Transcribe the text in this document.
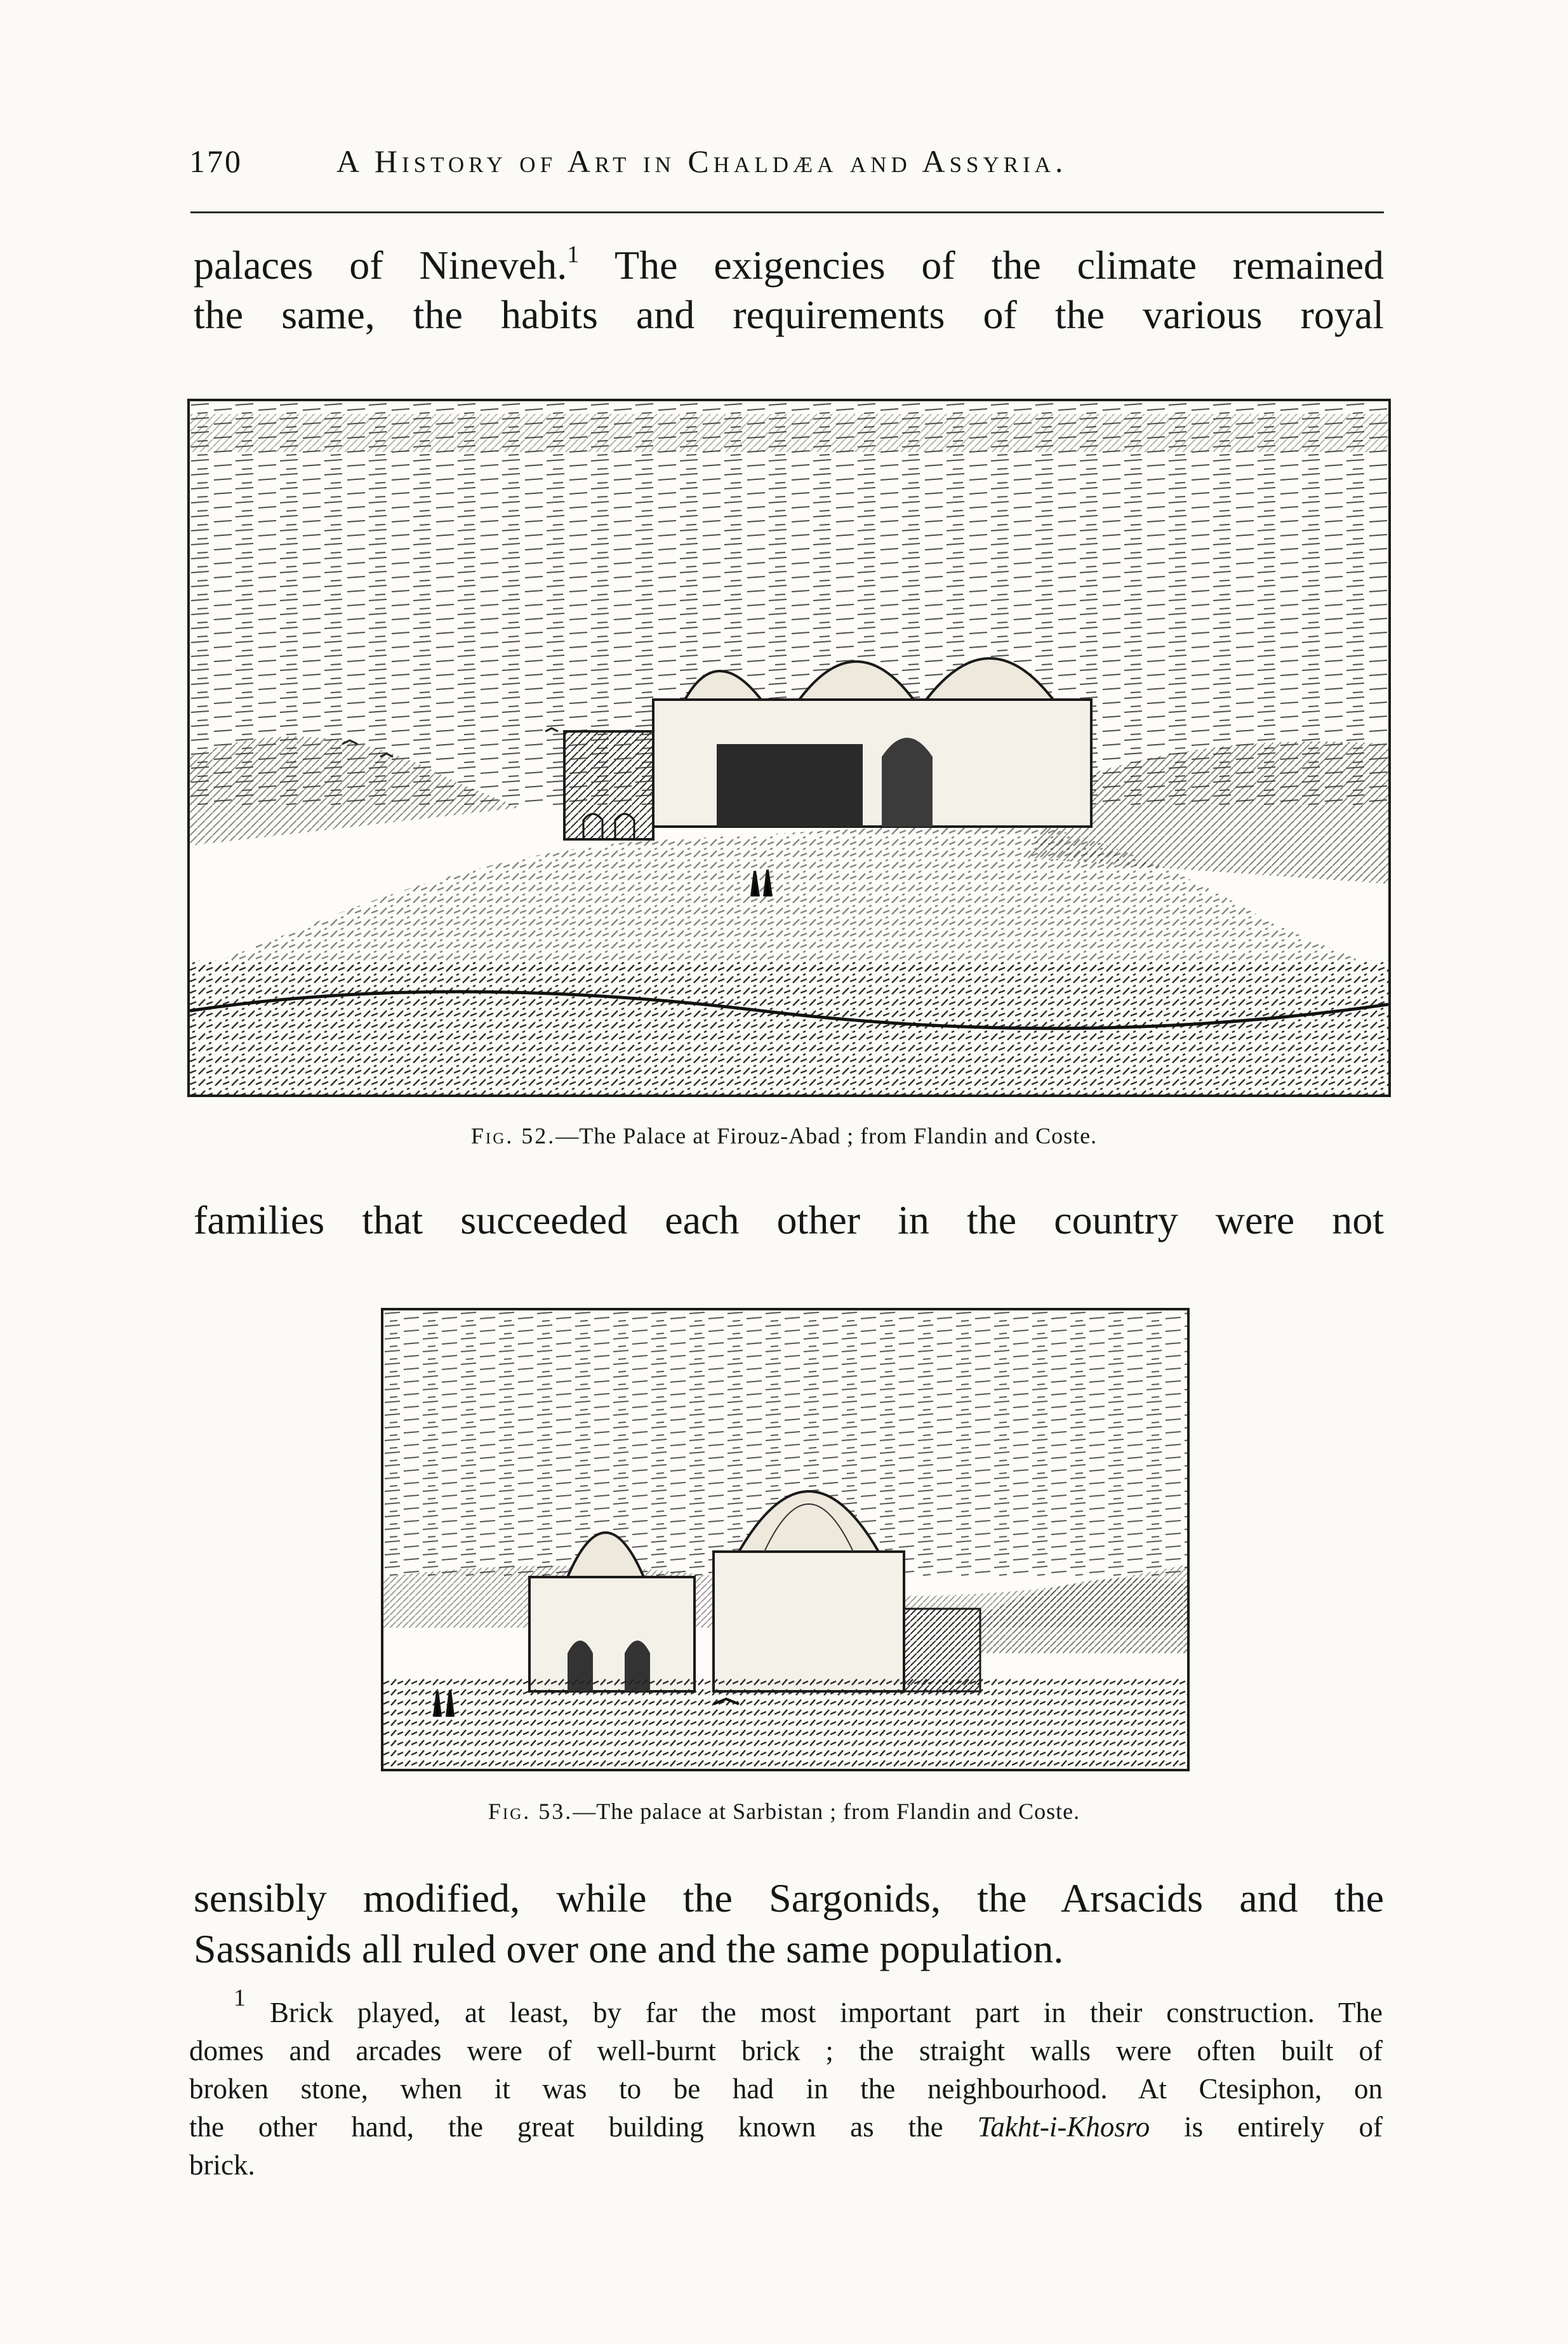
170	A History of Art in Chaldæa and Assyria.
palaces of Nineveh.$^1$ The exigencies of the climate remained
the same, the habits and requirements of the various royal
Fig. 52.—The Palace at Firouz-Abad ; from Flandin and Coste.
families that succeeded each other in the country were not
Fig. 53.—The palace at Sarbistan ; from Flandin and Coste.
sensibly modified, while the Sargonids, the Arsacids and the
Sassanids all ruled over one and the same population.
$^1$ Brick played, at least, by far the most important part in their construction. The
domes and arcades were of well-burnt brick ; the straight walls were often built of
broken stone, when it was to be had in the neighbourhood. At Ctesiphon, on
the other hand, the great building known as the Takht-i-Khosro is entirely of
brick.
